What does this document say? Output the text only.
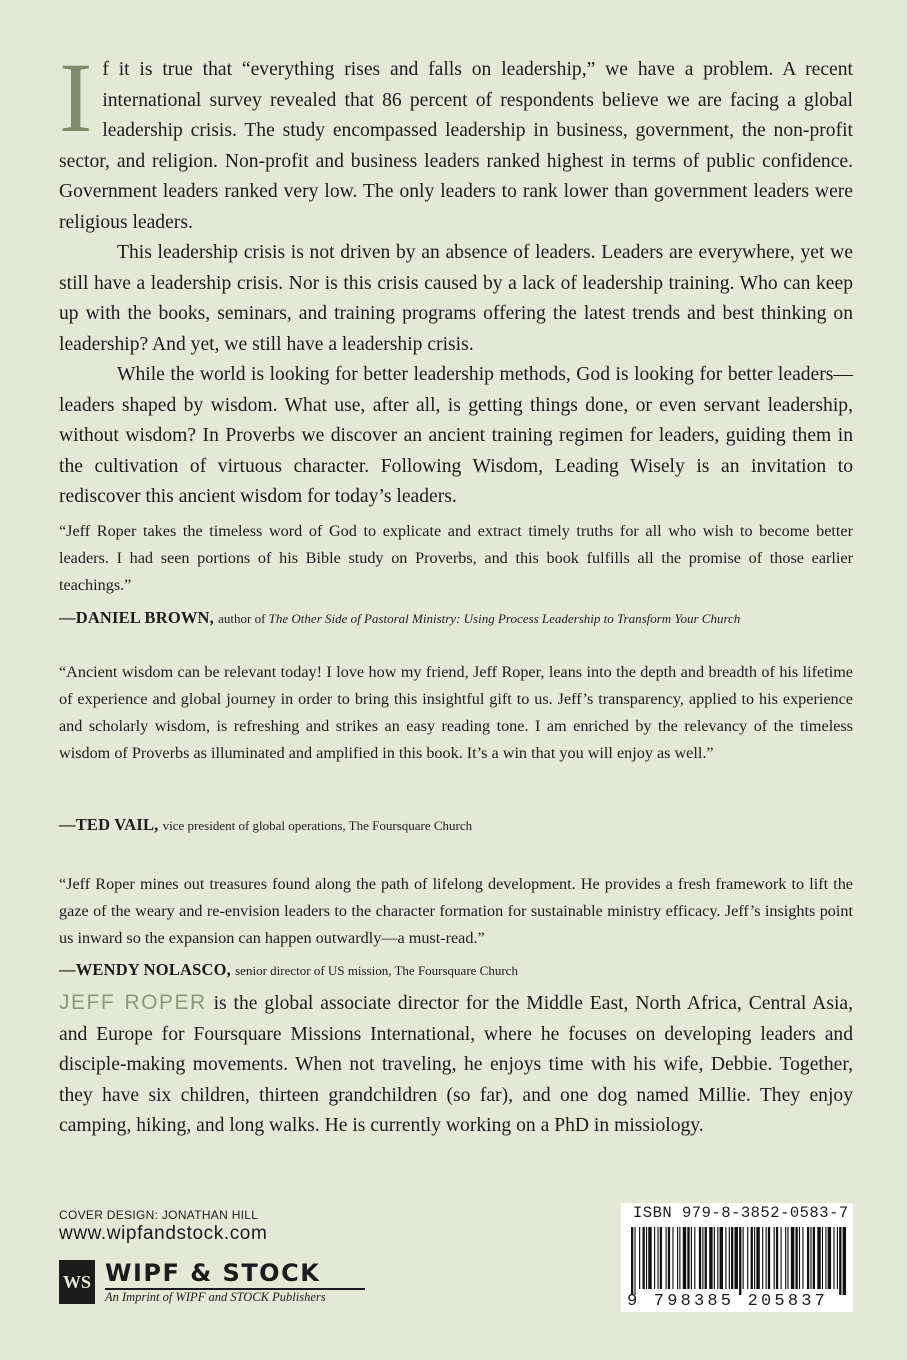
If it is true that “everything rises and falls on leadership,” we have a problem. A recent international survey revealed that 86 percent of respondents believe we are facing a global leadership crisis. The study encompassed leadership in business, government, the non-profit sector, and religion. Non-profit and business leaders ranked highest in terms of public confidence. Government leaders ranked very low. The only leaders to rank lower than government leaders were religious leaders.
This leadership crisis is not driven by an absence of leaders. Leaders are everywhere, yet we still have a leadership crisis. Nor is this crisis caused by a lack of leadership training. Who can keep up with the books, seminars, and training programs offering the latest trends and best thinking on leadership? And yet, we still have a leadership crisis.
While the world is looking for better leadership methods, God is looking for better leaders—leaders shaped by wisdom. What use, after all, is getting things done, or even servant leadership, without wisdom? In Proverbs we discover an ancient training regimen for leaders, guiding them in the cultivation of virtuous character. Following Wisdom, Leading Wisely is an invitation to rediscover this ancient wisdom for today’s leaders.

“Jeff Roper takes the timeless word of God to explicate and extract timely truths for all who wish to become better leaders. I had seen portions of his Bible study on Proverbs, and this book fulfills all the promise of those earlier teachings.”

—DANIEL BROWN, author of The Other Side of Pastoral Ministry: Using Process Leadership to Transform Your Church

“Ancient wisdom can be relevant today! I love how my friend, Jeff Roper, leans into the depth and breadth of his lifetime of experience and global journey in order to bring this insightful gift to us. Jeff’s transparency, applied to his experience and scholarly wisdom, is refreshing and strikes an easy reading tone. I am enriched by the relevancy of the timeless wisdom of Proverbs as illuminated and amplified in this book. It’s a win that you will enjoy as well.”

—TED VAIL, vice president of global operations, The Foursquare Church

“Jeff Roper mines out treasures found along the path of lifelong development. He provides a fresh framework to lift the gaze of the weary and re-envision leaders to the character formation for sustainable ministry efficacy. Jeff’s insights point us inward so the expansion can happen outwardly—a must-read.”

—WENDY NOLASCO, senior director of US mission, The Foursquare Church

JEFF ROPER is the global associate director for the Middle East, North Africa, Central Asia, and Europe for Foursquare Missions International, where he focuses on developing leaders and disciple-making movements. When not traveling, he enjoys time with his wife, Debbie. Together, they have six children, thirteen grandchildren (so far), and one dog named Millie. They enjoy camping, hiking, and long walks. He is currently working on a PhD in missiology.

COVER DESIGN: JONATHAN HILL
www.wipfandstock.com
WS WIPF & STOCK
An Imprint of WIPF and STOCK Publishers
ISBN 979-8-3852-0583-7
9 798385 205837
